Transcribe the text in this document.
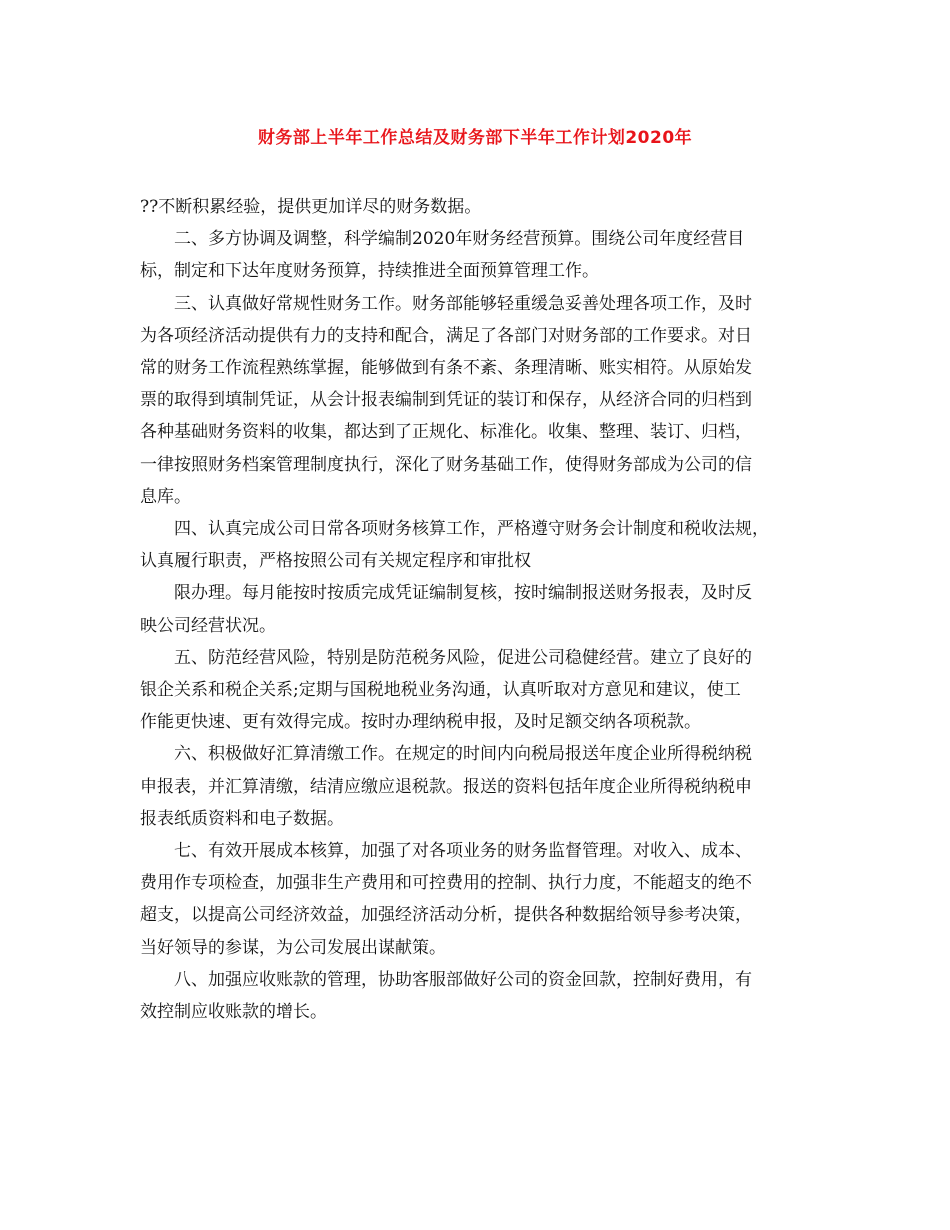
财务部上半年工作总结及财务部下半年工作计划2020年

??不断积累经验，提供更加详尽的财务数据。

二、多方协调及调整，科学编制2020年财务经营预算。围绕公司年度经营目
标，制定和下达年度财务预算，持续推进全面预算管理工作。

三、认真做好常规性财务工作。财务部能够轻重缓急妥善处理各项工作，及时
为各项经济活动提供有力的支持和配合，满足了各部门对财务部的工作要求。对日
常的财务工作流程熟练掌握，能够做到有条不紊、条理清晰、账实相符。从原始发
票的取得到填制凭证，从会计报表编制到凭证的装订和保存，从经济合同的归档到
各种基础财务资料的收集，都达到了正规化、标准化。收集、整理、装订、归档，
一律按照财务档案管理制度执行，深化了财务基础工作，使得财务部成为公司的信
息库。

四、认真完成公司日常各项财务核算工作，严格遵守财务会计制度和税收法规，
认真履行职责，严格按照公司有关规定程序和审批权

限办理。每月能按时按质完成凭证编制复核，按时编制报送财务报表，及时反
映公司经营状况。

五、防范经营风险，特别是防范税务风险，促进公司稳健经营。建立了良好的
银企关系和税企关系;定期与国税地税业务沟通，认真听取对方意见和建议，使工
作能更快速、更有效得完成。按时办理纳税申报，及时足额交纳各项税款。

六、积极做好汇算清缴工作。在规定的时间内向税局报送年度企业所得税纳税
申报表，并汇算清缴，结清应缴应退税款。报送的资料包括年度企业所得税纳税申
报表纸质资料和电子数据。

七、有效开展成本核算，加强了对各项业务的财务监督管理。对收入、成本、
费用作专项检查，加强非生产费用和可控费用的控制、执行力度，不能超支的绝不
超支，以提高公司经济效益，加强经济活动分析，提供各种数据给领导参考决策，
当好领导的参谋，为公司发展出谋献策。

八、加强应收账款的管理，协助客服部做好公司的资金回款，控制好费用，有
效控制应收账款的增长。
